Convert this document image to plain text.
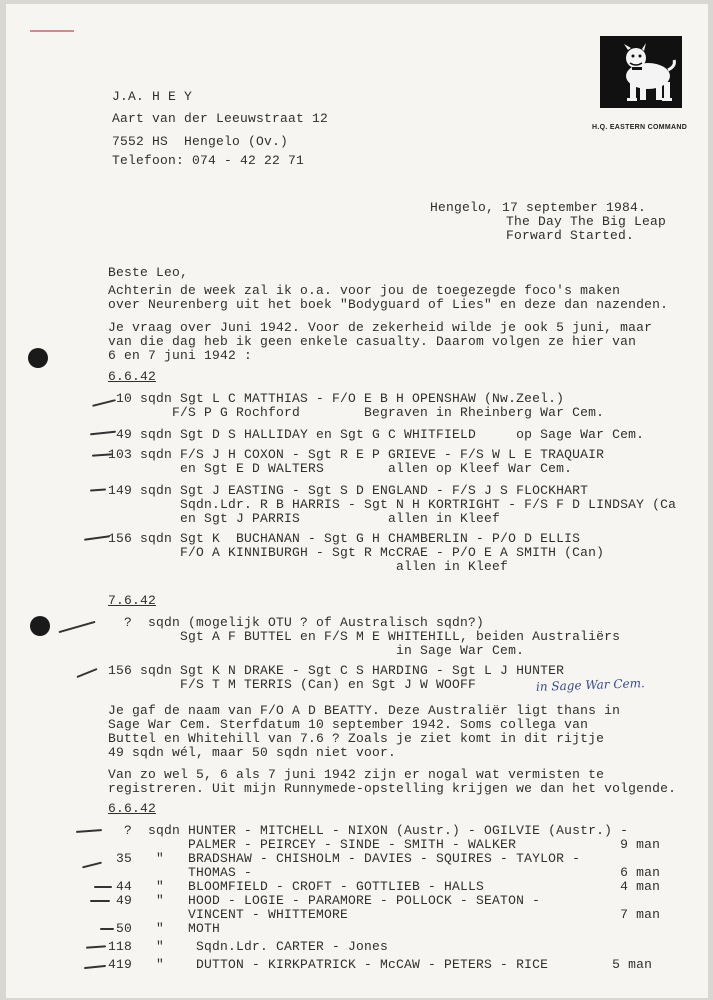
H.Q. EASTERN COMMAND
J.A. H E Y
Aart van der Leeuwstraat 12
7552 HS  Hengelo (Ov.)
Telefoon: 074 - 42 22 71
Hengelo, 17 september 1984.
The Day The Big Leap
Forward Started.
Beste Leo,
Achterin de week zal ik o.a. voor jou de toegezegde foco's maken
over Neurenberg uit het boek "Bodyguard of Lies" en deze dan nazenden.
Je vraag over Juni 1942. Voor de zekerheid wilde je ook 5 juni, maar
van die dag heb ik geen enkele casualty. Daarom volgen ze hier van
6 en 7 juni 1942 :
6.6.42
10 sqdn Sgt L C MATTHIAS - F/O E B H OPENSHAW (Nw.Zeel.)
F/S P G Rochford        Begraven in Rheinberg War Cem.
49 sqdn Sgt D S HALLIDAY en Sgt G C WHITFIELD     op Sage War Cem.
103 sqdn F/S J H COXON - Sgt R E P GRIEVE - F/S W L E TRAQUAIR
en Sgt E D WALTERS        allen op Kleef War Cem.
149 sqdn Sgt J EASTING - Sgt S D ENGLAND - F/S J S FLOCKHART
Sqdn.Ldr. R B HARRIS - Sgt N H KORTRIGHT - F/S F D LINDSAY (Ca
en Sgt J PARRIS           allen in Kleef
156 sqdn Sgt K  BUCHANAN - Sgt G H CHAMBERLIN - P/O D ELLIS
F/O A KINNIBURGH - Sgt R McCRAE - P/O E A SMITH (Can)
allen in Kleef
7.6.42
?  sqdn (mogelijk OTU ? of Australisch sqdn?)
Sgt A F BUTTEL en F/S M E WHITEHILL, beiden Australiërs
in Sage War Cem.
156 sqdn Sgt K N DRAKE - Sgt C S HARDING - Sgt L J HUNTER
F/S T M TERRIS (Can) en Sgt J W WOOFF	in Sage War Cem.
Je gaf de naam van F/O A D BEATTY. Deze Australiër ligt thans in
Sage War Cem. Sterfdatum 10 september 1942. Soms collega van
Buttel en Whitehill van 7.6 ? Zoals je ziet komt in dit rijtje
49 sqdn wél, maar 50 sqdn niet voor.
Van zo wel 5, 6 als 7 juni 1942 zijn er nogal wat vermisten te
registreren. Uit mijn Runnymede-opstelling krijgen we dan het volgende.
6.6.42
?  sqdn HUNTER - MITCHELL - NIXON (Austr.) - OGILVIE (Austr.) -
PALMER - PEIRCEY - SINDE - SMITH - WALKER             9 man
35   "   BRADSHAW - CHISHOLM - DAVIES - SQUIRES - TAYLOR -
THOMAS -                                              6 man
44   "   BLOOMFIELD - CROFT - GOTTLIEB - HALLS                 4 man
49   "   HOOD - LOGIE - PARAMORE - POLLOCK - SEATON -
VINCENT - WHITTEMORE                                  7 man
50   "   MOTH
118   "    Sqdn.Ldr. CARTER - Jones
419   "    DUTTON - KIRKPATRICK - McCAW - PETERS - RICE        5 man
